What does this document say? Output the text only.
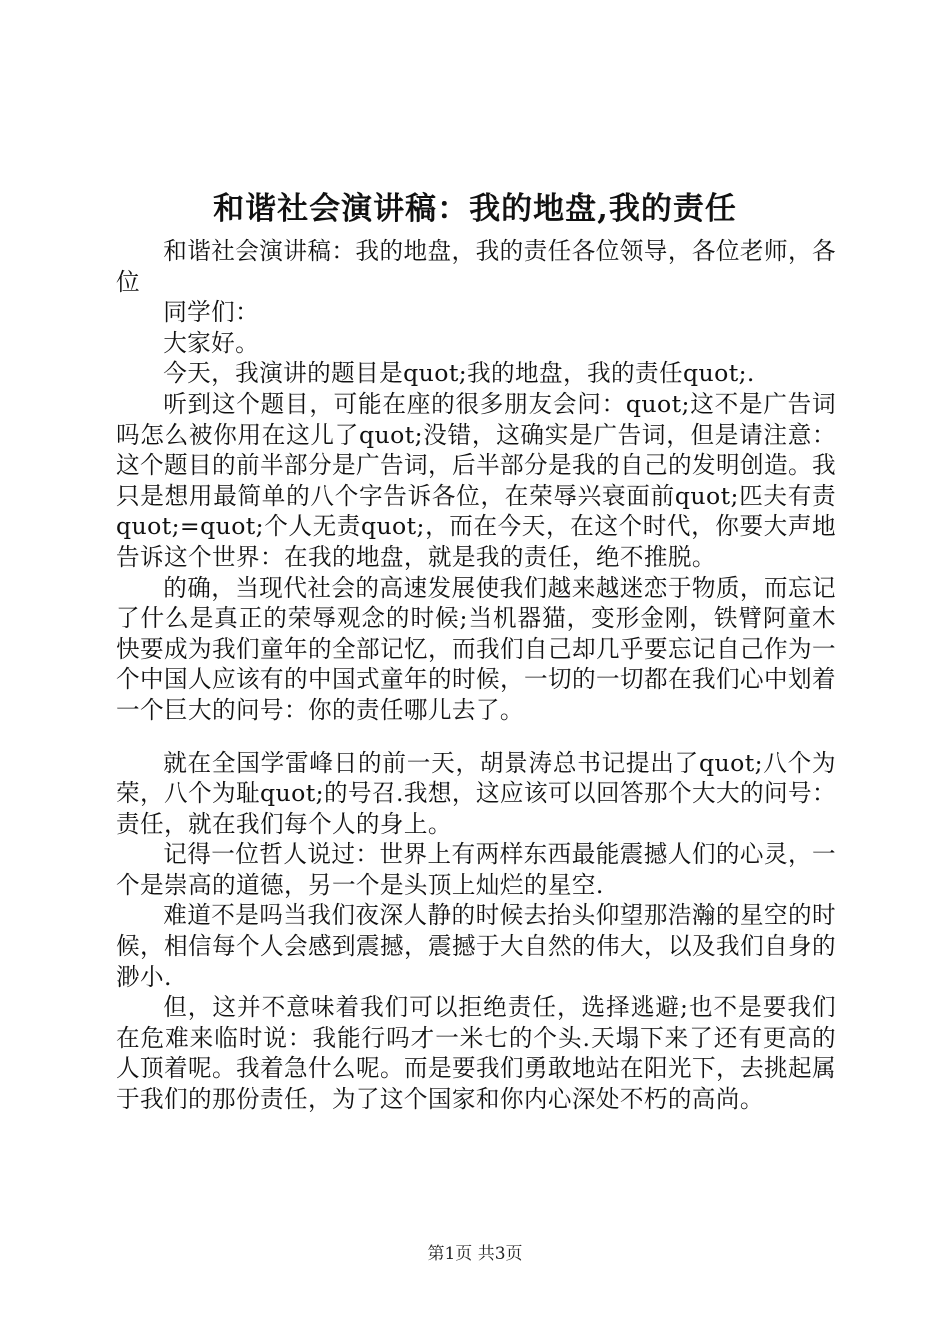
和谐社会演讲稿：我的地盘,我的责任

和谐社会演讲稿：我的地盘，我的责任各位领导，各位老师，各位

同学们：

大家好。

今天，我演讲的题目是quot;我的地盘，我的责任quot;.

听到这个题目，可能在座的很多朋友会问：quot;这不是广告词吗怎么被你用在这儿了quot;没错，这确实是广告词，但是请注意：这个题目的前半部分是广告词，后半部分是我的自己的发明创造。我只是想用最简单的八个字告诉各位，在荣辱兴衰面前quot;匹夫有责quot;=quot;个人无责quot;，而在今天，在这个时代，你要大声地告诉这个世界：在我的地盘，就是我的责任，绝不推脱。

的确，当现代社会的高速发展使我们越来越迷恋于物质，而忘记了什么是真正的荣辱观念的时候;当机器猫，变形金刚，铁臂阿童木快要成为我们童年的全部记忆，而我们自己却几乎要忘记自己作为一个中国人应该有的中国式童年的时候，一切的一切都在我们心中划着一个巨大的问号：你的责任哪儿去了。

就在全国学雷峰日的前一天，胡景涛总书记提出了quot;八个为荣，八个为耻quot;的号召.我想，这应该可以回答那个大大的问号：责任，就在我们每个人的身上。

记得一位哲人说过：世界上有两样东西最能震撼人们的心灵，一个是崇高的道德，另一个是头顶上灿烂的星空.

难道不是吗当我们夜深人静的时候去抬头仰望那浩瀚的星空的时候，相信每个人会感到震撼，震撼于大自然的伟大，以及我们自身的渺小.

但，这并不意味着我们可以拒绝责任，选择逃避;也不是要我们在危难来临时说：我能行吗才一米七的个头.天塌下来了还有更高的人顶着呢。我着急什么呢。而是要我们勇敢地站在阳光下，去挑起属于我们的那份责任，为了这个国家和你内心深处不朽的高尚。

第1页 共3页
